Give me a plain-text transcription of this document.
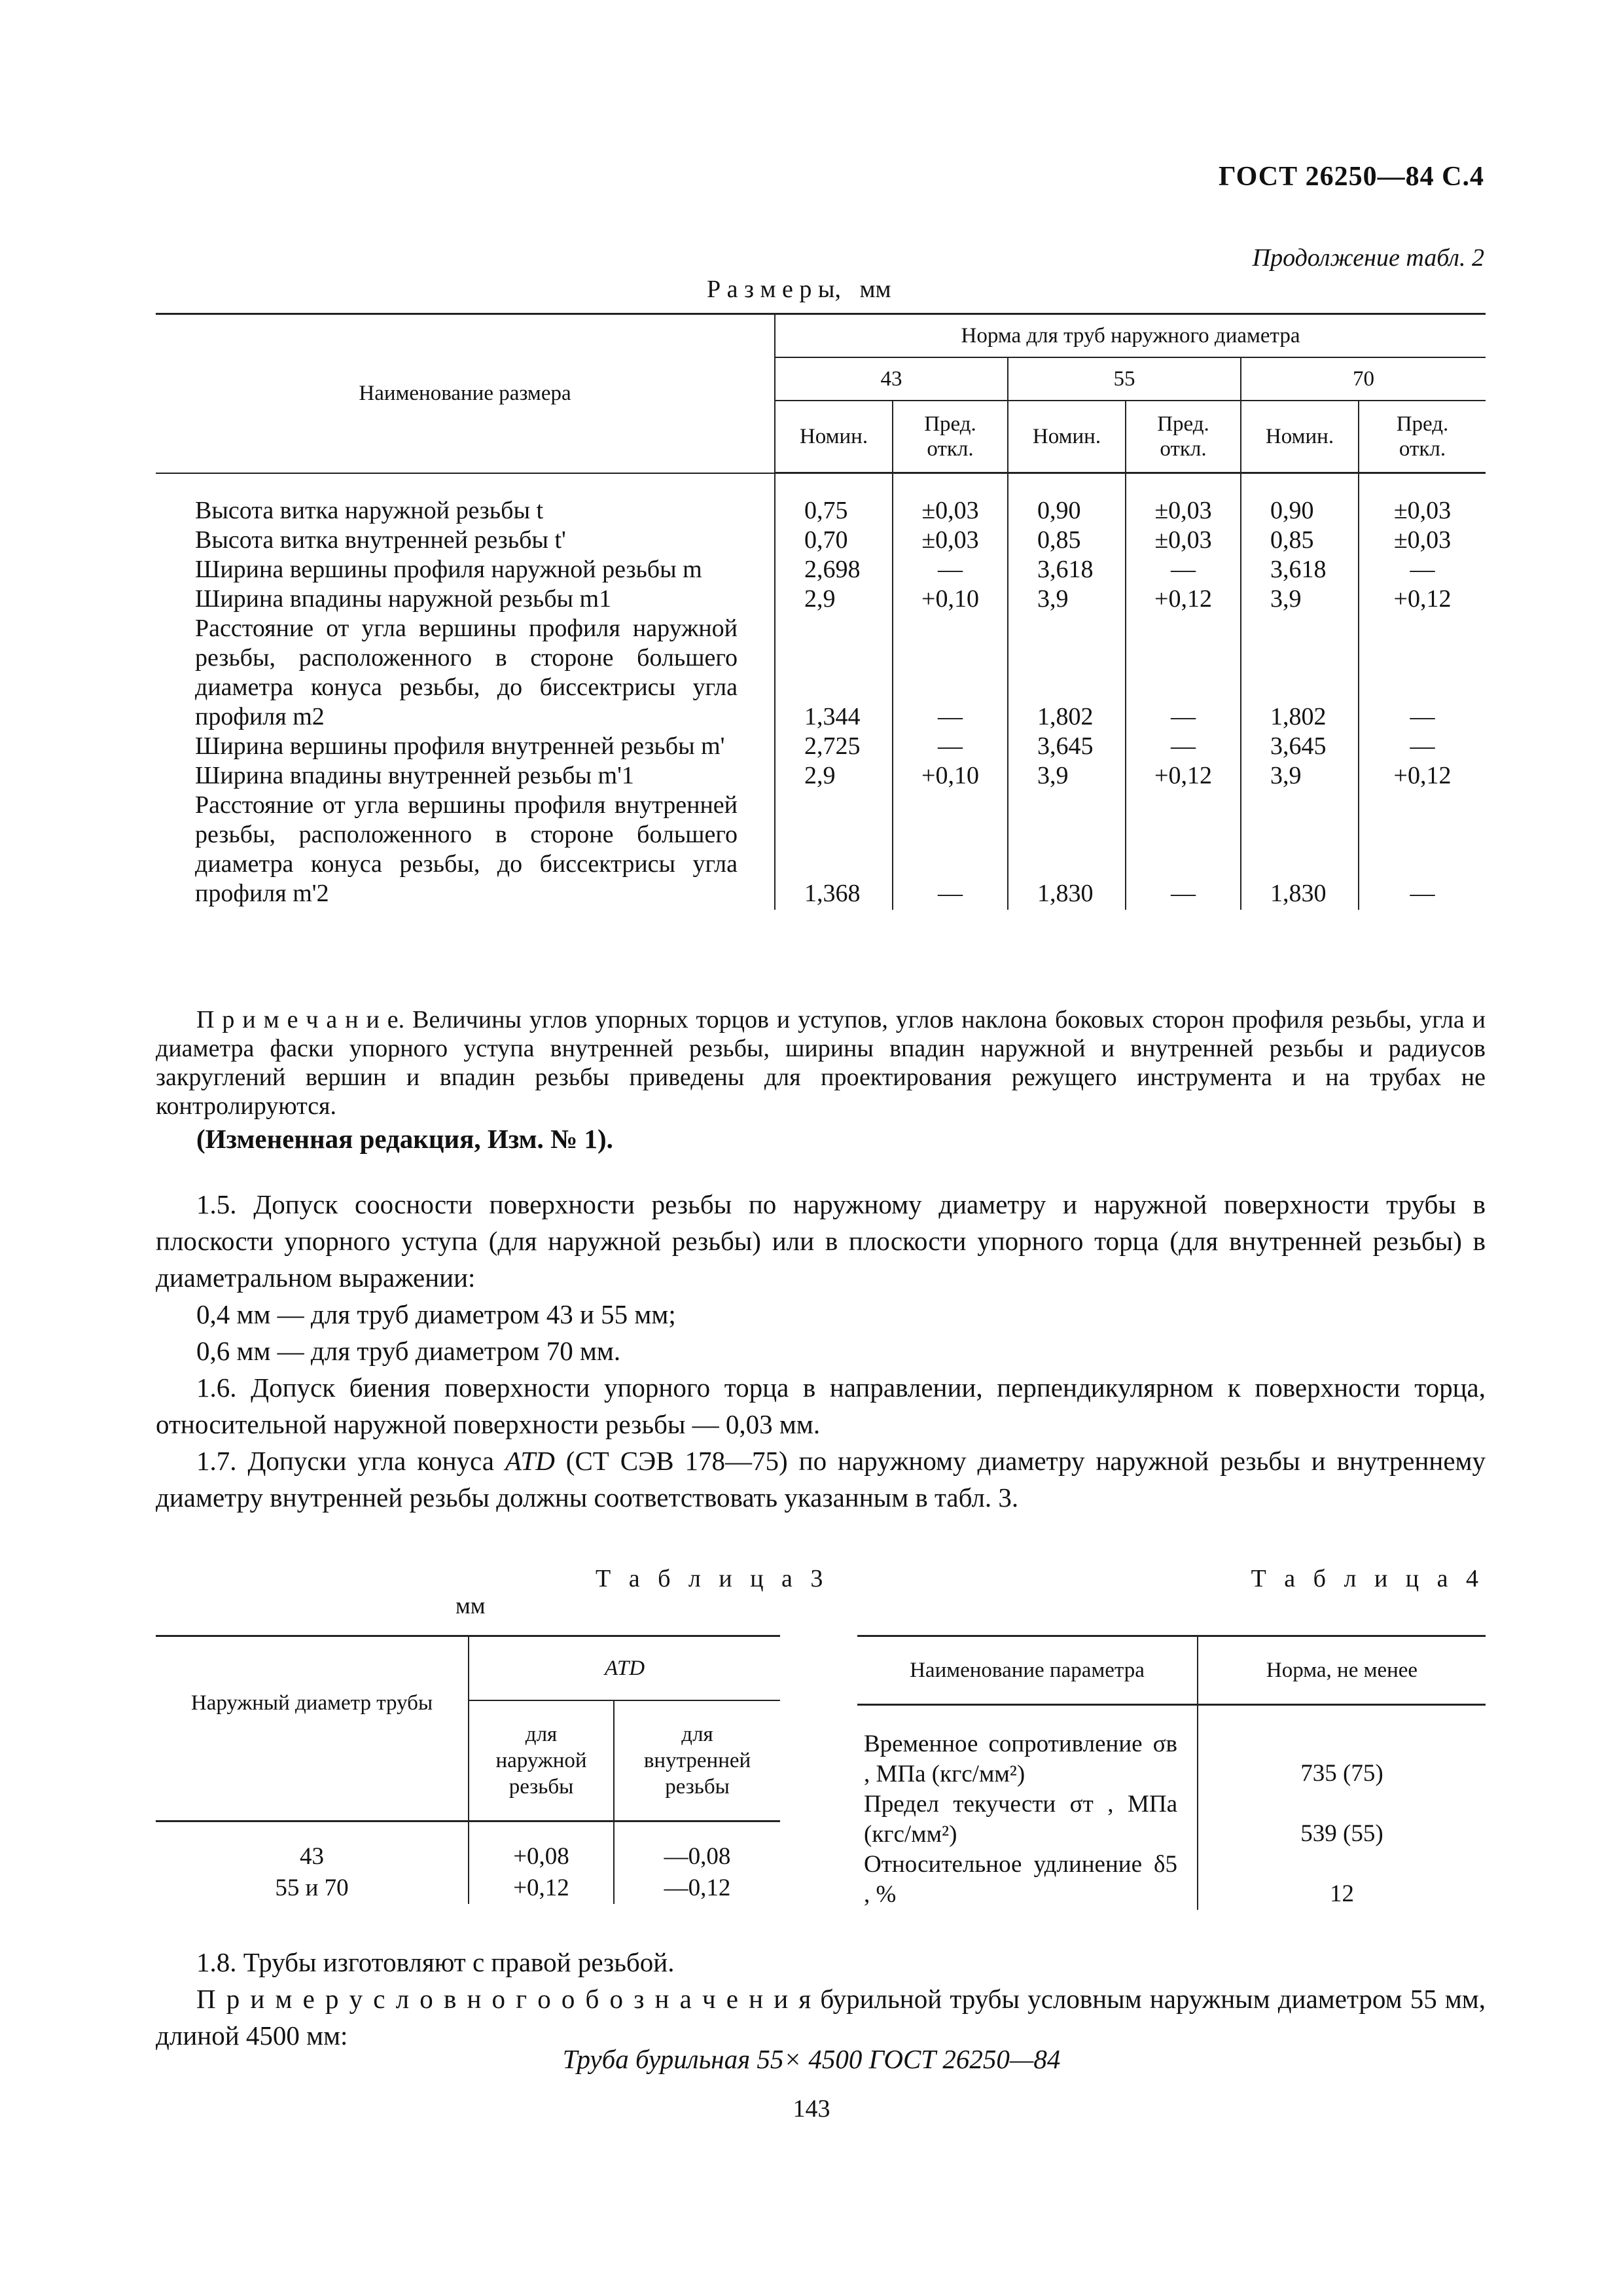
ГОСТ 26250—84 С.4
Продолжение табл. 2
Р а з м е р ы,   мм
Наименование размера	Норма для труб наружного диаметра					
	43		55		70	
	Номин.	Пред. откл.	Номин.	Пред. откл.	Номин.	Пред. откл.
Высота витка наружной резьбы t	0,75	±0,03	0,90	±0,03	0,90	±0,03
Высота витка внутренней резьбы t'	0,70	±0,03	0,85	±0,03	0,85	±0,03
Ширина вершины профиля наружной резьбы m	2,698	—	3,618	—	3,618	—
Ширина впадины наружной резьбы m1	2,9	+0,10	3,9	+0,12	3,9	+0,12
Расстояние от угла вершины профиля наружной резьбы, расположенного в стороне большего диаметра конуса резьбы, до биссектрисы угла профиля m2	1,344	—	1,802	—	1,802	—
Ширина вершины профиля внутренней резьбы m'	2,725	—	3,645	—	3,645	—
Ширина впадины внутренней резьбы m'1	2,9	+0,10	3,9	+0,12	3,9	+0,12
Расстояние от угла вершины профиля внутренней резьбы, расположенного в стороне большего диаметра конуса резьбы, до биссектрисы угла профиля m'2	1,368	—	1,830	—	1,830	—
П р и м е ч а н и е. Величины углов упорных торцов и уступов, углов наклона боковых сторон профиля резьбы, угла и диаметра фаски упорного уступа внутренней резьбы, ширины впадин наружной и внутренней резьбы и радиусов закруглений вершин и впадин резьбы приведены для проектирования режущего инструмента и на трубах не контролируются.
(Измененная редакция, Изм. № 1).
1.5. Допуск соосности поверхности резьбы по наружному диаметру и наружной поверхности трубы в плоскости упорного уступа (для наружной резьбы) или в плоскости упорного торца (для внутренней резьбы) в диаметральном выражении:
0,4 мм — для труб диаметром 43 и 55 мм;
0,6 мм — для труб диаметром 70 мм.
1.6. Допуск биения поверхности упорного торца в направлении, перпендикулярном к поверхности торца, относительной наружной поверхности резьбы — 0,03 мм.
1.7. Допуски угла конуса ATD (СТ СЭВ 178—75) по наружному диаметру наружной резьбы и внутреннему диаметру внутренней резьбы должны соответствовать указанным в табл. 3.
Т а б л и ц а 3
мм
Т а б л и ц а 4
Наружный диаметр трубы	ATD	
	для наружной резьбы	для внутренней резьбы
43	+0,08	—0,08
55 и 70	+0,12	—0,12
Наименование параметра	Норма, не менее
Временное сопротивление σв , МПа (кгс/мм²)	735 (75)
Предел текучести σт , МПа (кгс/мм²)	539 (55)
Относительное удлинение δ5 , %	12
1.8. Трубы изготовляют с правой резьбой.
П р и м е р у с л о в н о г о о б о з н а ч е н и я бурильной трубы условным наружным диаметром 55 мм, длиной 4500 мм:
Труба бурильная 55× 4500 ГОСТ 26250—84
143
